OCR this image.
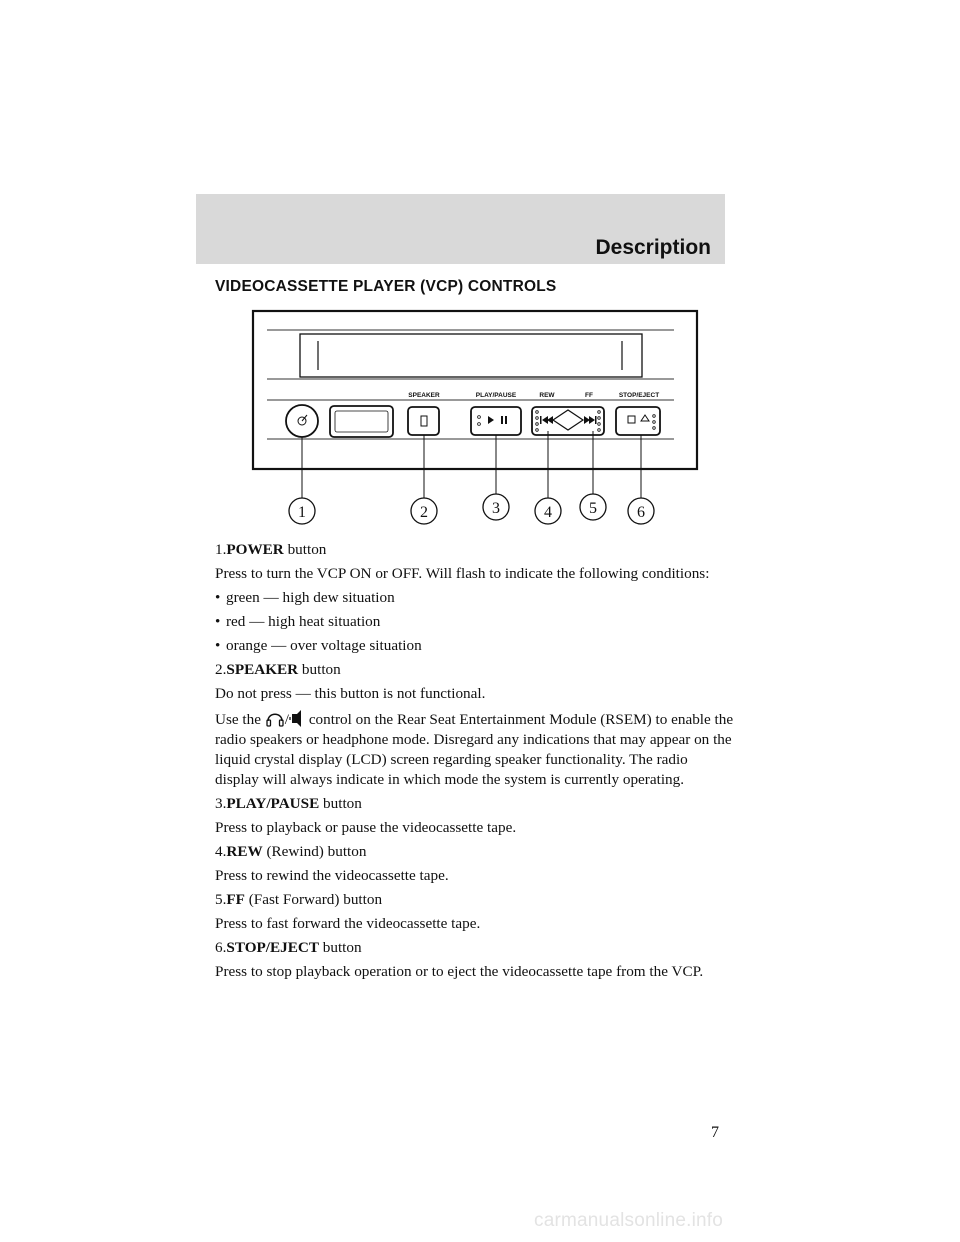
Description
VIDEOCASSETTE PLAYER (VCP) CONTROLS
SPEAKER	PLAY/PAUSE	REW	FF	STOP/EJECT
1	2	3	4 5	6

1.POWER button

Press to turn the VCP ON or OFF. Will flash to indicate the following conditions:

• green — high dew situation

• red — high heat situation

• orange — over voltage situation

2.SPEAKER button

Do not press — this button is not functional.

Use the / control on the Rear Seat Entertainment Module (RSEM) to enable the radio speakers or headphone mode. Disregard any indications that may appear on the liquid crystal display (LCD) screen regarding speaker functionality. The radio display will always indicate in which mode the system is currently operating.

3.PLAY/PAUSE button

Press to playback or pause the videocassette tape.

4.REW (Rewind) button

Press to rewind the videocassette tape.

5.FF (Fast Forward) button

Press to fast forward the videocassette tape.

6.STOP/EJECT button

Press to stop playback operation or to eject the videocassette tape from the VCP.

7
carmanualsonline.info
